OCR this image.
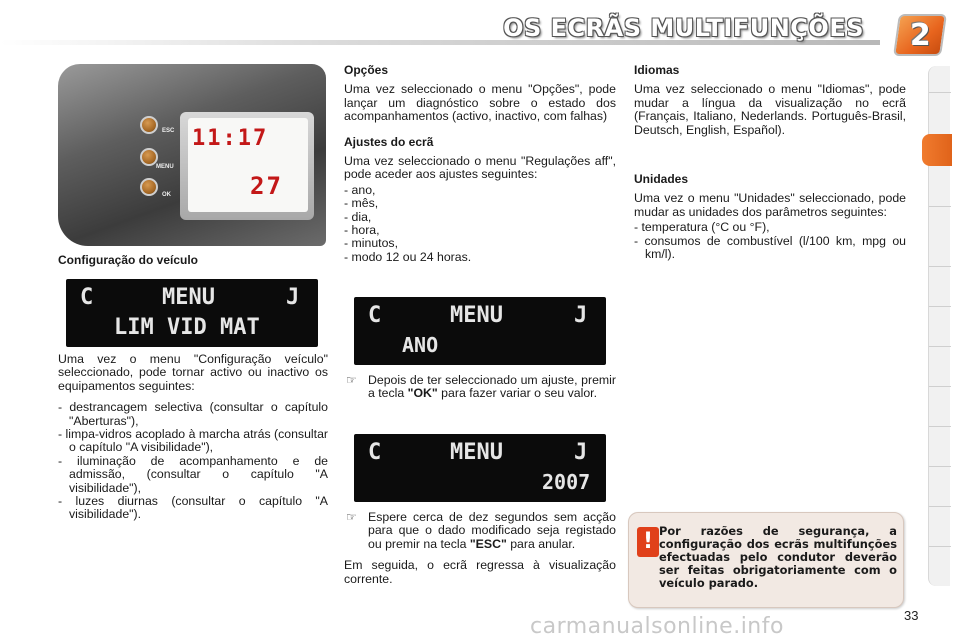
OS ECRÃS MULTIFUNÇÕES 2
11:17
27
ESC
MENU
OK
Configuração do veículo
C	MENU	J
LIM VID MAT

Uma vez o menu "Configuração veículo" seleccionado, pode tornar activo ou inactivo os equipamentos seguintes:

- destrancagem selectiva (consultar o capítulo "Aberturas"),
- limpa-vidros acoplado à marcha atrás (consultar o capítulo "A visibilidade"),
- iluminação de acompanhamento e de admissão, (consultar o capítulo "A visibilidade"),
- luzes diurnas (consultar o capítulo "A visibilidade").
Opções

Uma vez seleccionado o menu "Opções", pode lançar um diagnóstico sobre o estado dos acompanhamentos (activo, inactivo, com falhas)

Ajustes do ecrã

Uma vez seleccionado o menu "Regulações aff", pode aceder aos ajustes seguintes:

- ano,
- mês,
- dia,
- hora,
- minutos,
- modo 12 ou 24 horas.
C	MENU	J
ANO
☞ Depois de ter seleccionado um ajuste, premir a tecla "OK" para fazer variar o seu valor.
C	MENU	J
2007
☞ Espere cerca de dez segundos sem acção para que o dado modificado seja registado ou premir na tecla "ESC" para anular.

Em seguida, o ecrã regressa à visualização corrente.

Idiomas

Uma vez seleccionado o menu "Idiomas", pode mudar a língua da visualização no ecrã (Français, Italiano, Nederlands. Português-Brasil, Deutsch, English, Español).

Unidades

Uma vez o menu "Unidades" seleccionado, pode mudar as unidades dos parâmetros seguintes:

- temperatura (°C ou °F),
- consumos de combustível (l/100 km, mpg ou km/l).
! Por razões de segurança, a configuração dos ecrãs multifunções efectuadas pelo condutor deverão ser feitas obrigatoriamente com o veículo parado.
33
carmanualsonline.info
